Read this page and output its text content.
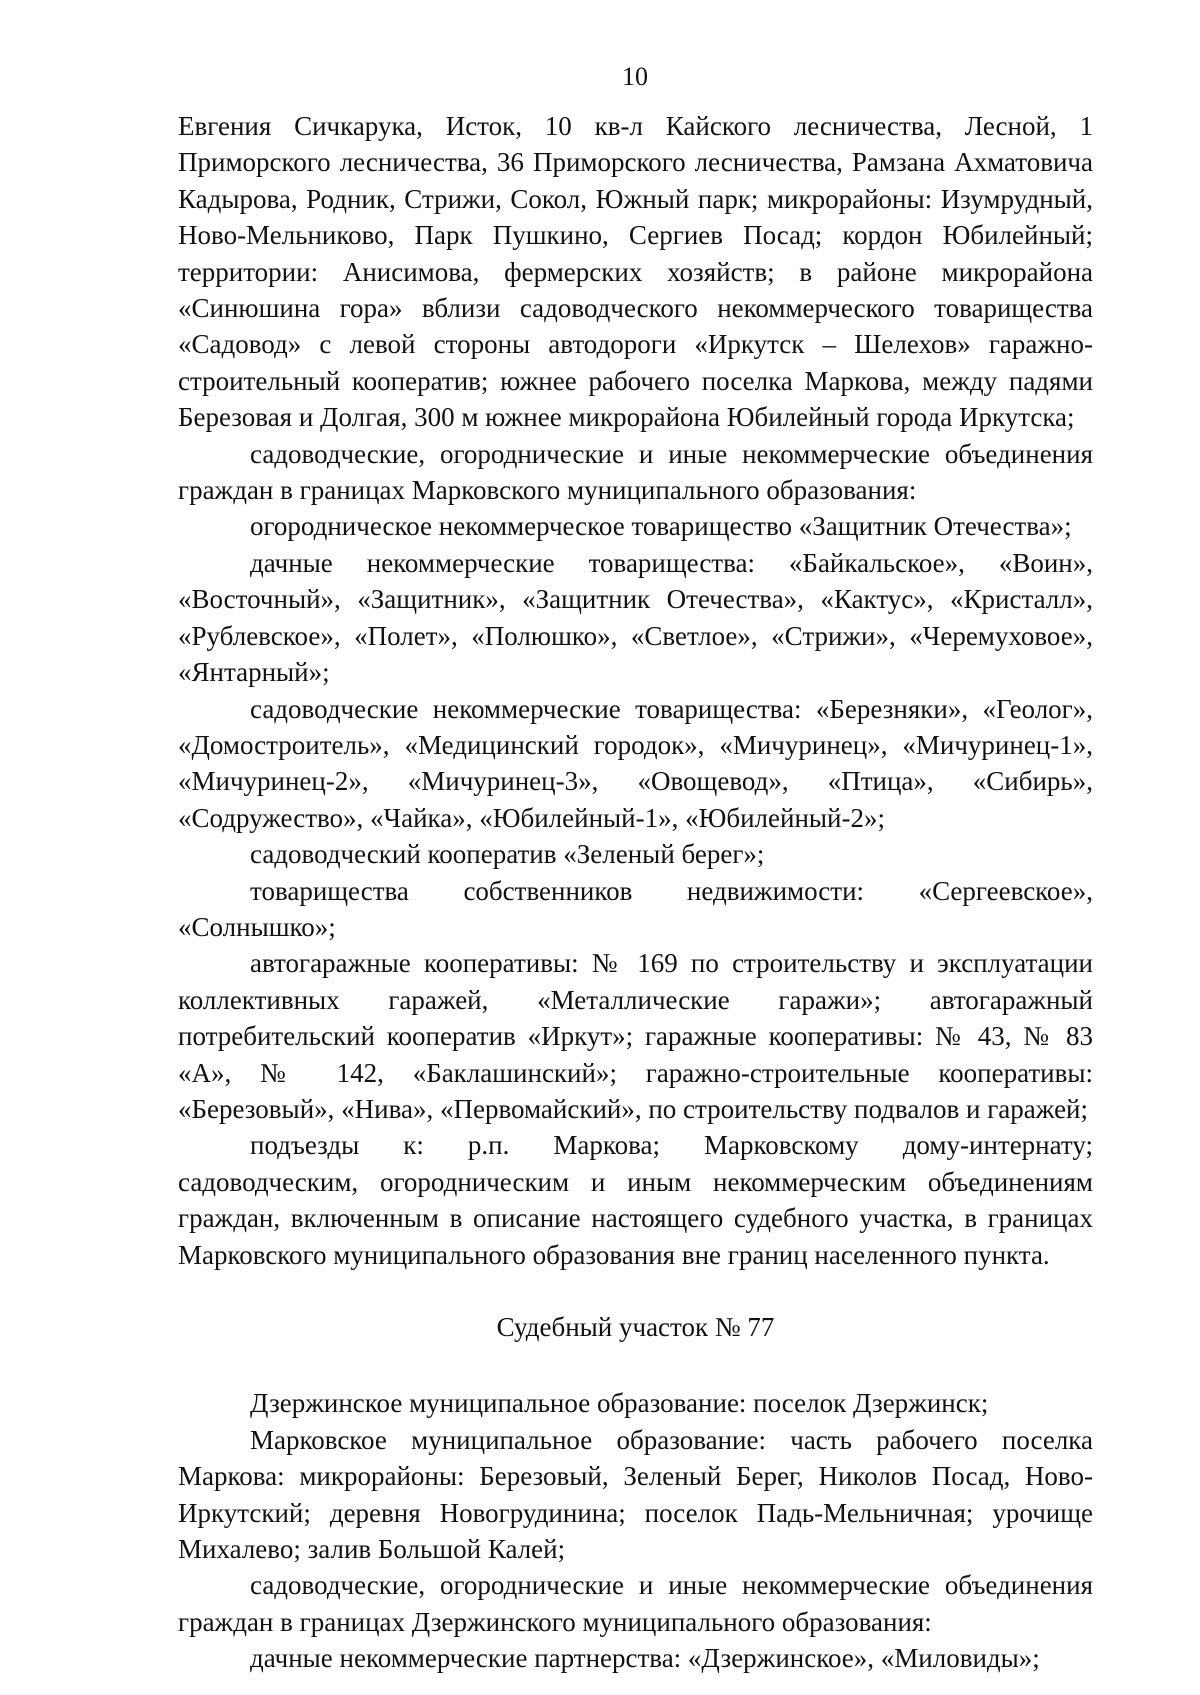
10

Евгения Сичкарука, Исток, 10 кв-л Кайского лесничества, Лесной, 1 Приморского лесничества, 36 Приморского лесничества, Рамзана Ахматовича Кадырова, Родник, Стрижи, Сокол, Южный парк; микрорайоны: Изумрудный, Ново-Мельниково, Парк Пушкино, Сергиев Посад; кордон Юбилейный; территории: Анисимова, фермерских хозяйств; в районе микрорайона «Синюшина гора» вблизи садоводческого некоммерческого товарищества «Садовод» с левой стороны автодороги «Иркутск – Шелехов» гаражно-строительный кооператив; южнее рабочего поселка Маркова, между падями Березовая и Долгая, 300 м южнее микрорайона Юбилейный города Иркутска;

садоводческие, огороднические и иные некоммерческие объединения граждан в границах Марковского муниципального образования:

огородническое некоммерческое товарищество «Защитник Отечества»;

дачные некоммерческие товарищества: «Байкальское», «Воин», «Восточный», «Защитник», «Защитник Отечества», «Кактус», «Кристалл», «Рублевское», «Полет», «Полюшко», «Светлое», «Стрижи», «Черемуховое», «Янтарный»;

садоводческие некоммерческие товарищества: «Березняки», «Геолог», «Домостроитель», «Медицинский городок», «Мичуринец», «Мичуринец-1», «Мичуринец-2», «Мичуринец-3», «Овощевод», «Птица», «Сибирь», «Содружество», «Чайка», «Юбилейный-1», «Юбилейный-2»;

садоводческий кооператив «Зеленый берег»;

товарищества собственников недвижимости: «Сергеевское», «Солнышко»;

автогаражные кооперативы: № 169 по строительству и эксплуатации коллективных гаражей, «Металлические гаражи»; автогаражный потребительский кооператив «Иркут»; гаражные кооперативы: № 43, № 83 «А», № 142, «Баклашинский»; гаражно-строительные кооперативы: «Березовый», «Нива», «Первомайский», по строительству подвалов и гаражей;

подъезды к: р.п. Маркова; Марковскому дому-интернату; садоводческим, огородническим и иным некоммерческим объединениям граждан, включенным в описание настоящего судебного участка, в границах Марковского муниципального образования вне границ населенного пункта.

Судебный участок № 77

Дзержинское муниципальное образование: поселок Дзержинск;

Марковское муниципальное образование: часть рабочего поселка Маркова: микрорайоны: Березовый, Зеленый Берег, Николов Посад, Ново-Иркутский; деревня Новогрудинина; поселок Падь-Мельничная; урочище Михалево; залив Большой Калей;

садоводческие, огороднические и иные некоммерческие объединения граждан в границах Дзержинского муниципального образования:

дачные некоммерческие партнерства: «Дзержинское», «Миловиды»;
